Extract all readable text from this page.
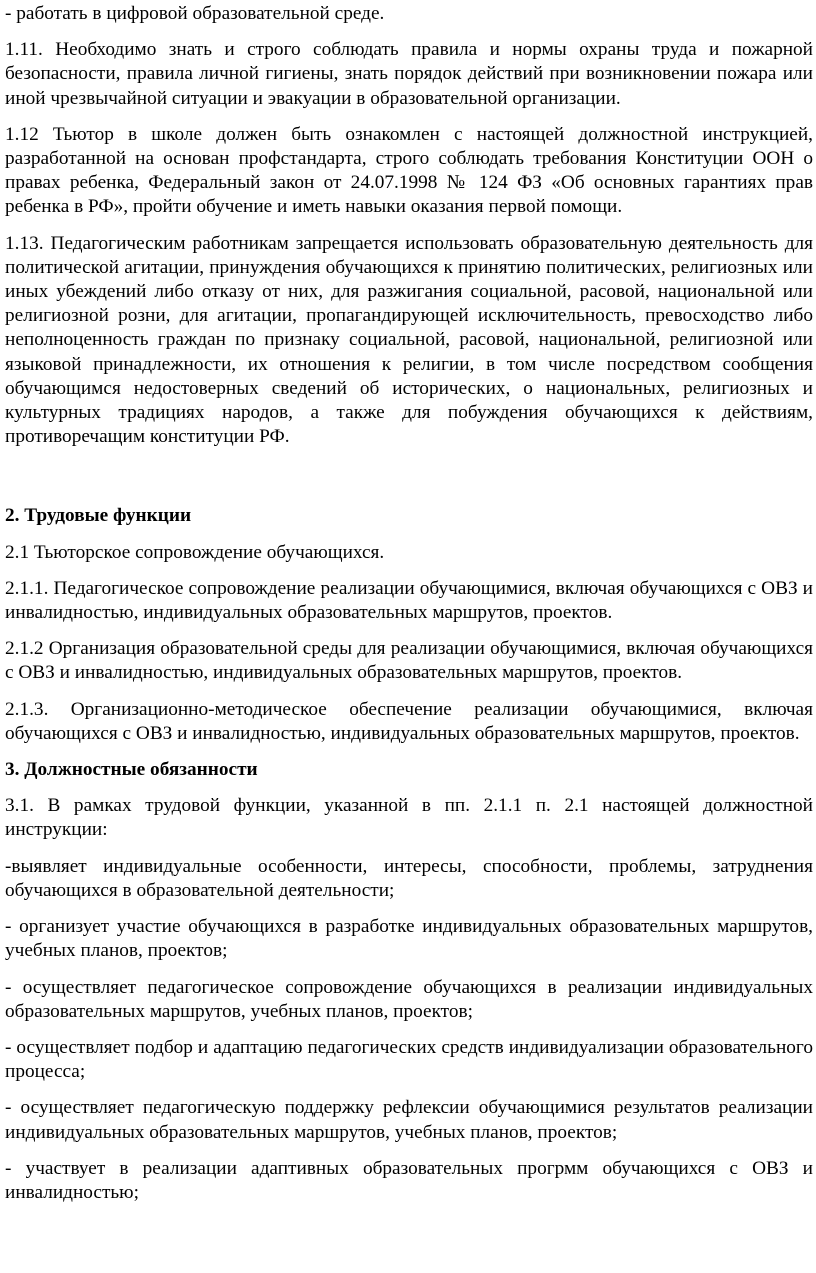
- работать в цифровой образовательной среде.

1.11. Необходимо знать и строго соблюдать правила и нормы охраны труда и пожарной безопасности, правила личной гигиены, знать порядок действий при возникновении пожара или иной чрезвычайной ситуации и эвакуации в образовательной организации.

1.12 Тьютор в школе должен быть ознакомлен с настоящей должностной инструкцией, разработанной на основан профстандарта, строго соблюдать требования Конституции ООН о правах ребенка, Федеральный закон от 24.07.1998 № 124 ФЗ «Об основных гарантиях прав ребенка в РФ», пройти обучение и иметь навыки оказания первой помощи.

1.13. Педагогическим работникам запрещается использовать образовательную деятельность для политической агитации, принуждения обучающихся к принятию политических, религиозных или иных убеждений либо отказу от них, для разжигания социальной, расовой, национальной или религиозной розни, для агитации, пропагандирующей исключительность, превосходство либо неполноценность граждан по признаку социальной, расовой, национальной, религиозной или языковой принадлежности, их отношения к религии, в том числе посредством сообщения обучающимся недостоверных сведений об исторических, о национальных, религиозных и культурных традициях народов, а также для побуждения обучающихся к действиям, противоречащим конституции РФ.

2. Трудовые функции

2.1 Тьюторское сопровождение обучающихся.

2.1.1. Педагогическое сопровождение реализации обучающимися, включая обучающихся с ОВЗ и инвалидностью, индивидуальных образовательных маршрутов, проектов.

2.1.2 Организация образовательной среды для реализации обучающимися, включая обучающихся с ОВЗ и инвалидностью, индивидуальных образовательных маршрутов, проектов.

2.1.3. Организационно-методическое обеспечение реализации обучающимися, включая обучающихся с ОВЗ и инвалидностью, индивидуальных образовательных маршрутов, проектов.

3. Должностные обязанности

3.1. В рамках трудовой функции, указанной в пп. 2.1.1 п. 2.1 настоящей должностной инструкции:

-выявляет индивидуальные особенности, интересы, способности, проблемы, затруднения обучающихся в образовательной деятельности;

- организует участие обучающихся в разработке индивидуальных образовательных маршрутов, учебных планов, проектов;

- осуществляет педагогическое сопровождение обучающихся в реализации индивидуальных образовательных маршрутов, учебных планов, проектов;

- осуществляет подбор и адаптацию педагогических средств индивидуализации образовательного процесса;

- осуществляет педагогическую поддержку рефлексии обучающимися результатов реализации индивидуальных образовательных маршрутов, учебных планов, проектов;

- участвует в реализации адаптивных образовательных прогрмм обучающихся с ОВЗ и инвалидностью;
